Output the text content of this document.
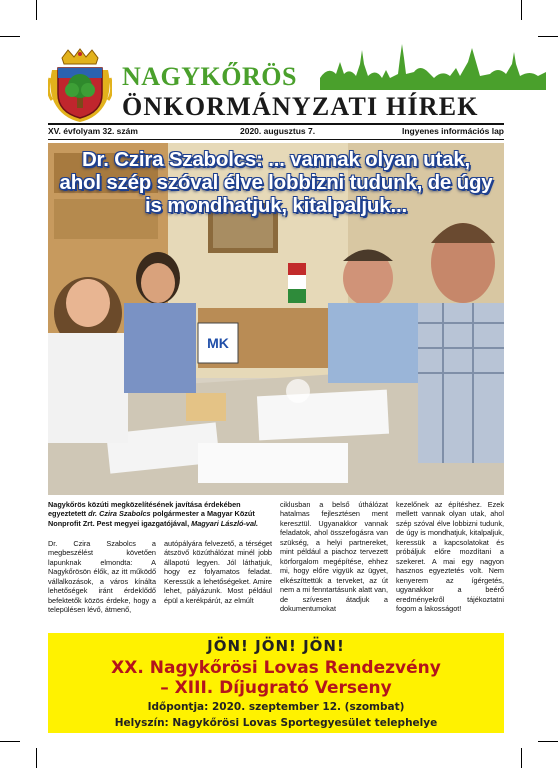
NAGYKŐRÖS
ÖNKORMÁNYZATI HÍREK
XV. évfolyam 32. szám	2020. augusztus 7.	Ingyenes információs lap
MK
Dr. Czira Szabolcs: ... vannak olyan utak,
ahol szép szóval élve lobbizni tudunk, de úgy
is mondhatjuk, kitalpaljuk...
Nagykőrös közúti megközelítésének javítása érdekében egyeztetett dr. Czira Szabolcs polgármester a Magyar Közút Nonprofit Zrt. Pest megyei igazgatójával, Magyari László-val.

Dr. Czira Szabolcs a megbeszélést követően lapunknak elmondta: A Nagykőrösön élők, az itt működő vállalkozások, a város kínálta lehetőségek iránt érdeklődő befektetők közös érdeke, hogy a településen lévő, átmenő,

autópályára felvezető, a térséget átszövő közúthálózat minél jobb állapotú legyen. Jól láthatjuk, hogy ez folyamatos feladat. Keressük a lehetőségeket. Amire lehet, pályázunk. Most például épül a kerékpárút, az elmúlt

ciklusban a belső úthálózat hatalmas fejlesztésen ment keresztül. Ugyanakkor vannak feladatok, ahol összefogásra van szükség, a helyi partnereket, mint például a piachoz tervezett körforgalom megépítése, ehhez mi, hogy előre vigyük az ügyet, elkészíttettük a terveket, az út nem a mi fenntartásunk alatt van, de szívesen átadjuk a dokumentumokat

kezelőnek az építéshez. Ezek mellett vannak olyan utak, ahol szép szóval élve lobbizni tudunk, de úgy is mondhatjuk, kitalpaljuk, keressük a kapcsolatokat és próbáljuk előre mozdítani a szekeret. A mai egy nagyon hasznos egyeztetés volt. Nem kenyerem az ígérgetés, ugyanakkor a beérő eredményekről tájékoztatni fogom a lakosságot!

JÖN! JÖN! JÖN!
XX. Nagykőrösi Lovas Rendezvény
– XIII. Díjugrató Verseny
Időpontja: 2020. szeptember 12. (szombat)
Helyszín: Nagykőrösi Lovas Sportegyesület telephelye
